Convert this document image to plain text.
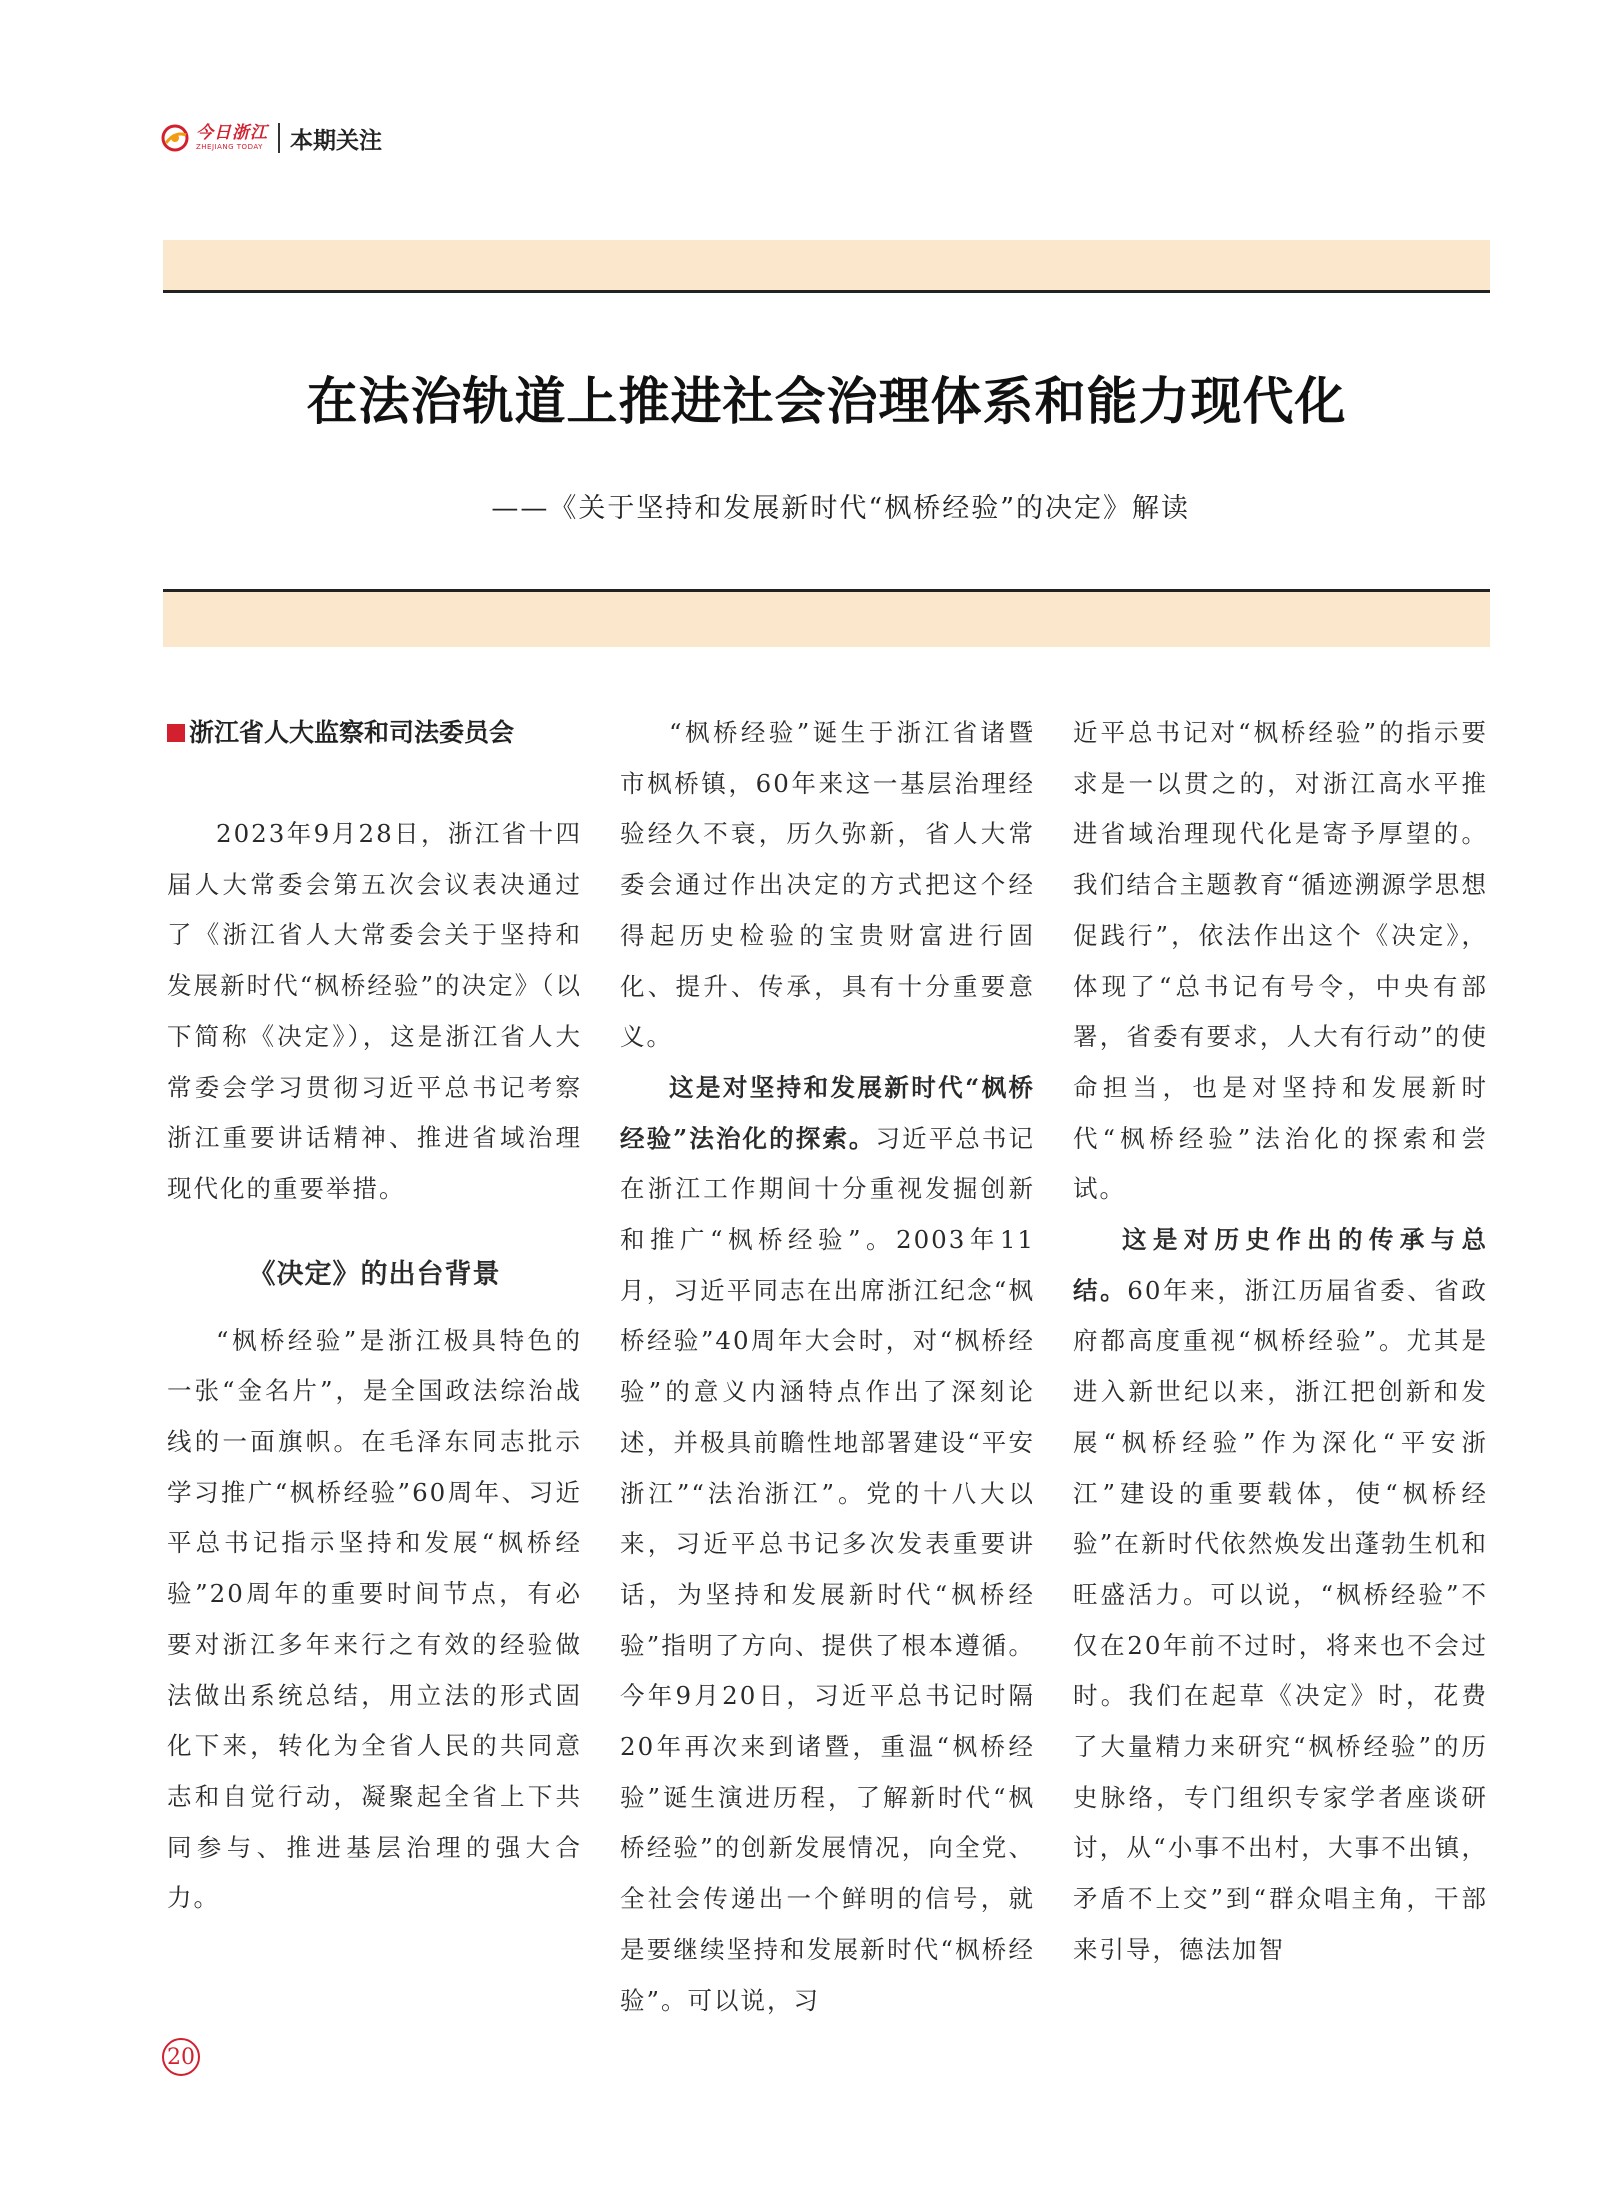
今日浙江
ZHEJIANG TODAY 本期关注
在法治轨道上推进社会治理体系和能力现代化
——《关于坚持和发展新时代“枫桥经验”的决定》解读
浙江省人大监察和司法委员会

2023年9月28日，浙江省十四届人大常委会第五次会议表决通过了《浙江省人大常委会关于坚持和发展新时代“枫桥经验”的决定》（以下简称《决定》），这是浙江省人大常委会学习贯彻习近平总书记考察浙江重要讲话精神、推进省域治理现代化的重要举措。

《决定》的出台背景

“枫桥经验”是浙江极具特色的一张“金名片”，是全国政法综治战线的一面旗帜。在毛泽东同志批示学习推广“枫桥经验”60周年、习近平总书记指示坚持和发展“枫桥经验”20周年的重要时间节点，有必要对浙江多年来行之有效的经验做法做出系统总结，用立法的形式固化下来，转化为全省人民的共同意志和自觉行动，凝聚起全省上下共同参与、推进基层治理的强大合力。

“枫桥经验”诞生于浙江省诸暨市枫桥镇，60年来这一基层治理经验经久不衰，历久弥新，省人大常委会通过作出决定的方式把这个经得起历史检验的宝贵财富进行固化、提升、传承，具有十分重要意义。

这是对坚持和发展新时代“枫桥经验”法治化的探索。习近平总书记在浙江工作期间十分重视发掘创新和推广“枫桥经验”。2003年11月，习近平同志在出席浙江纪念“枫桥经验”40周年大会时，对“枫桥经验”的意义内涵特点作出了深刻论述，并极具前瞻性地部署建设“平安浙江”“法治浙江”。党的十八大以来，习近平总书记多次发表重要讲话，为坚持和发展新时代“枫桥经验”指明了方向、提供了根本遵循。今年9月20日，习近平总书记时隔20年再次来到诸暨，重温“枫桥经验”诞生演进历程，了解新时代“枫桥经验”的创新发展情况，向全党、全社会传递出一个鲜明的信号，就是要继续坚持和发展新时代“枫桥经验”。可以说，习

近平总书记对“枫桥经验”的指示要求是一以贯之的，对浙江高水平推进省域治理现代化是寄予厚望的。我们结合主题教育“循迹溯源学思想促践行”，依法作出这个《决定》，体现了“总书记有号令，中央有部署，省委有要求，人大有行动”的使命担当，也是对坚持和发展新时代“枫桥经验”法治化的探索和尝试。

这是对历史作出的传承与总结。60年来，浙江历届省委、省政府都高度重视“枫桥经验”。尤其是进入新世纪以来，浙江把创新和发展“枫桥经验”作为深化“平安浙江”建设的重要载体，使“枫桥经验”在新时代依然焕发出蓬勃生机和旺盛活力。可以说，“枫桥经验”不仅在20年前不过时，将来也不会过时。我们在起草《决定》时，花费了大量精力来研究“枫桥经验”的历史脉络，专门组织专家学者座谈研讨，从“小事不出村，大事不出镇，矛盾不上交”到“群众唱主角，干部来引导，德法加智

20
